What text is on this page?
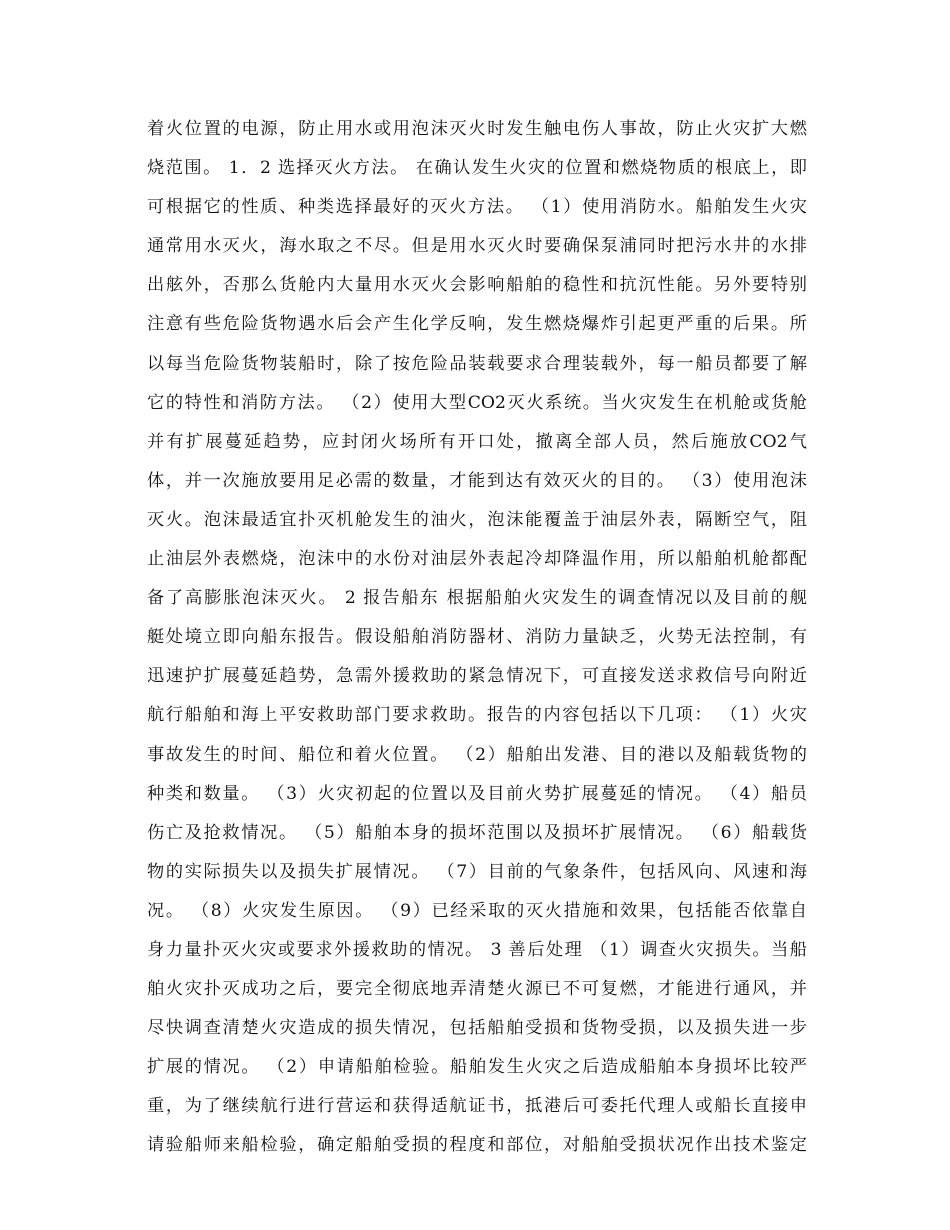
着火位置的电源，防止用水或用泡沫灭火时发生触电伤人事故，防止火灾扩大燃
烧范围。 1．2 选择灭火方法。 在确认发生火灾的位置和燃烧物质的根底上，即
可根据它的性质、种类选择最好的灭火方法。 （1）使用消防水。船舶发生火灾
通常用水灭火，海水取之不尽。但是用水灭火时要确保泵浦同时把污水井的水排
出舷外，否那么货舱内大量用水灭火会影响船舶的稳性和抗沉性能。另外要特别
注意有些危险货物遇水后会产生化学反响，发生燃烧爆炸引起更严重的后果。所
以每当危险货物装船时，除了按危险品装载要求合理装载外，每一船员都要了解
它的特性和消防方法。 （2）使用大型CO2灭火系统。当火灾发生在机舱或货舱
并有扩展蔓延趋势，应封闭火场所有开口处，撤离全部人员，然后施放CO2气
体，并一次施放要用足必需的数量，才能到达有效灭火的目的。 （3）使用泡沫
灭火。泡沫最适宜扑灭机舱发生的油火，泡沫能覆盖于油层外表，隔断空气，阻
止油层外表燃烧，泡沫中的水份对油层外表起冷却降温作用，所以船舶机舱都配
备了高膨胀泡沫灭火。 2 报告船东 根据船舶火灾发生的调查情况以及目前的舰
艇处境立即向船东报告。假设船舶消防器材、消防力量缺乏，火势无法控制，有
迅速护扩展蔓延趋势，急需外援救助的紧急情况下，可直接发送求救信号向附近
航行船舶和海上平安救助部门要求救助。报告的内容包括以下几项： （1）火灾
事故发生的时间、船位和着火位置。 （2）船舶出发港、目的港以及船载货物的
种类和数量。 （3）火灾初起的位置以及目前火势扩展蔓延的情况。 （4）船员
伤亡及抢救情况。 （5）船舶本身的损坏范围以及损坏扩展情况。 （6）船载货
物的实际损失以及损失扩展情况。 （7）目前的气象条件，包括风向、风速和海
况。 （8）火灾发生原因。 （9）已经采取的灭火措施和效果，包括能否依靠自
身力量扑灭火灾或要求外援救助的情况。 3 善后处理 （1）调查火灾损失。当船
舶火灾扑灭成功之后，要完全彻底地弄清楚火源已不可复燃，才能进行通风，并
尽快调查清楚火灾造成的损失情况，包括船舶受损和货物受损，以及损失进一步
扩展的情况。 （2）申请船舶检验。船舶发生火灾之后造成船舶本身损坏比较严
重，为了继续航行进行营运和获得适航证书，抵港后可委托代理人或船长直接申
请验船师来船检验，确定船舶受损的程度和部位，对船舶受损状况作出技术鉴定
